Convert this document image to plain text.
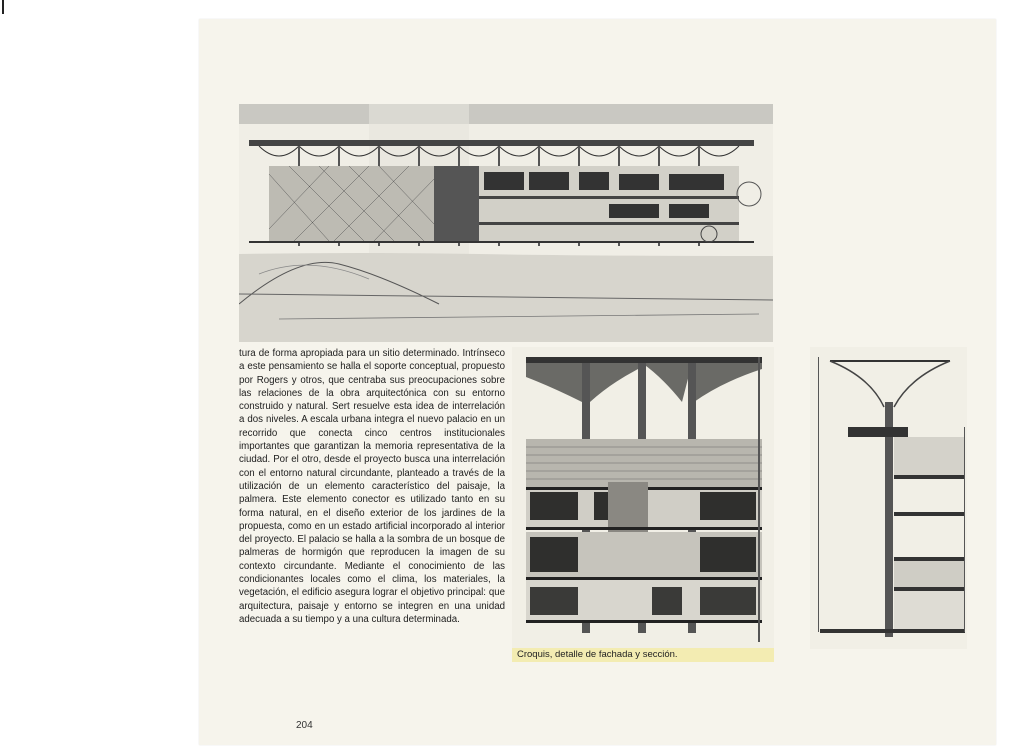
tura de forma apropiada para un sitio determinado. Intrínseco a este pensamiento se halla el soporte conceptual, propuesto por Rogers y otros, que centraba sus preocupaciones sobre las relaciones de la obra arquitectónica con su entorno construido y natural. Sert resuelve esta idea de interrelación a dos niveles. A escala urbana integra el nuevo palacio en un recorrido que conecta cinco centros institucionales importantes que garantizan la memoria representativa de la ciudad. Por el otro, desde el proyecto busca una interrelación con el entorno natural circundante, planteado a través de la utilización de un elemento característico del paisaje, la palmera. Este elemento conector es utilizado tanto en su forma natural, en el diseño exterior de los jardines de la propuesta, como en un estado artificial incorporado al interior del proyecto. El palacio se halla a la sombra de un bosque de palmeras de hormigón que reproducen la imagen de su contexto circundante. Mediante el conocimiento de las condicionantes locales como el clima, los materiales, la vegetación, el edificio asegura lograr el objetivo principal: que arquitectura, paisaje y entorno se integren en una unidad adecuada a su tiempo y a una cultura determinada.

Croquis, detalle de fachada y sección.
204
